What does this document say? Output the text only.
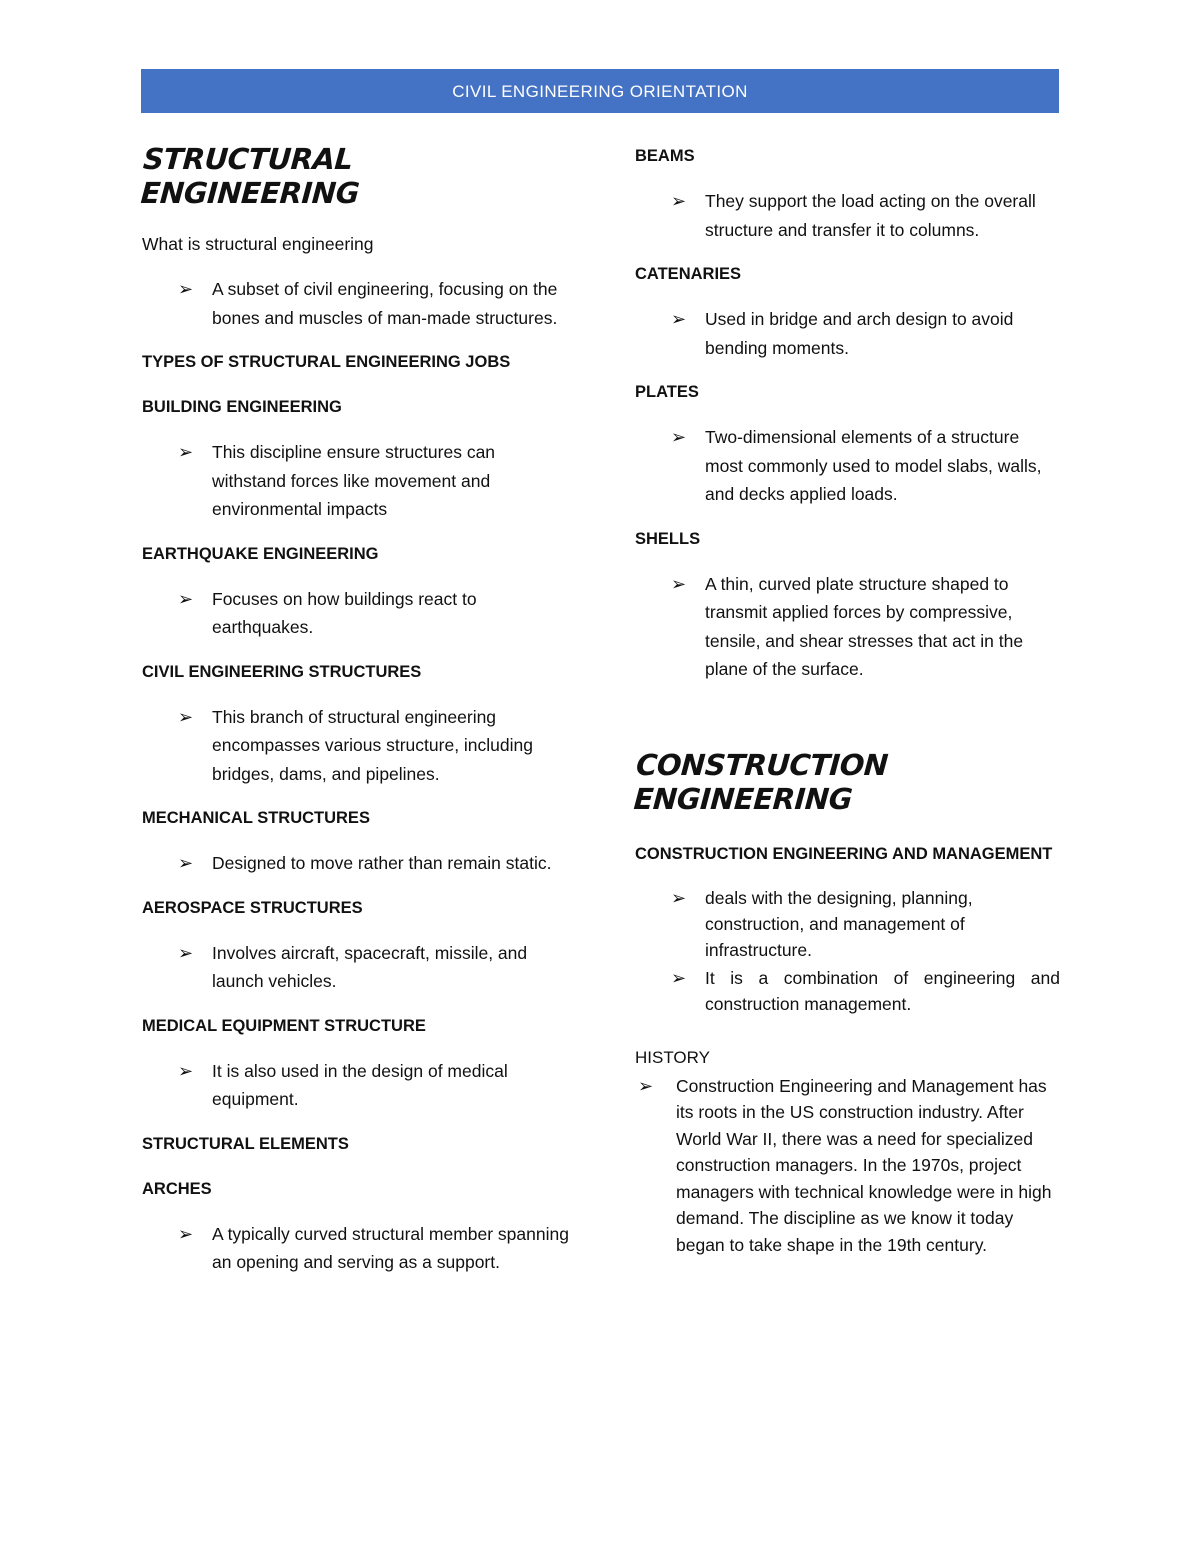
CIVIL ENGINEERING ORIENTATION
STRUCTURAL ENGINEERING

What is structural engineering

➢ A subset of civil engineering, focusing on the bones and muscles of man-made structures.

TYPES OF STRUCTURAL ENGINEERING JOBS

BUILDING ENGINEERING

➢ This discipline ensure structures can withstand forces like movement and environmental impacts

EARTHQUAKE ENGINEERING

➢ Focuses on how buildings react to earthquakes.

CIVIL ENGINEERING STRUCTURES

➢ This branch of structural engineering encompasses various structure, including bridges, dams, and pipelines.

MECHANICAL STRUCTURES

➢ Designed to move rather than remain static.

AEROSPACE STRUCTURES

➢ Involves aircraft, spacecraft, missile, and launch vehicles.

MEDICAL EQUIPMENT STRUCTURE

➢ It is also used in the design of medical equipment.

STRUCTURAL ELEMENTS

ARCHES

➢ A typically curved structural member spanning an opening and serving as a support.

BEAMS

➢ They support the load acting on the overall structure and transfer it to columns.

CATENARIES

➢ Used in bridge and arch design to avoid bending moments.

PLATES

➢ Two-dimensional elements of a structure most commonly used to model slabs, walls, and decks applied loads.

SHELLS

➢ A thin, curved plate structure shaped to transmit applied forces by compressive, tensile, and shear stresses that act in the plane of the surface.
CONSTRUCTION ENGINEERING

CONSTRUCTION ENGINEERING AND MANAGEMENT

➢ deals with the designing, planning, construction, and management of infrastructure.
➢ It is a combination of engineering and construction management.

HISTORY

➢ Construction Engineering and Management has its roots in the US construction industry. After World War II, there was a need for specialized construction managers. In the 1970s, project managers with technical knowledge were in high demand. The discipline as we know it today began to take shape in the 19th century.
